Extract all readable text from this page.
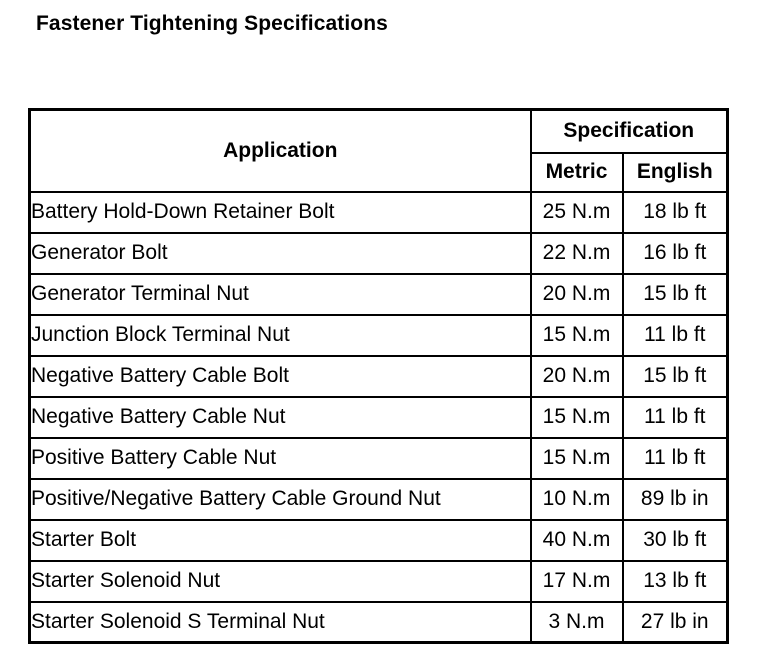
Fastener Tightening Specifications
Application	Specification	
	Metric	English
Battery Hold-Down Retainer Bolt	25 N.m	18 lb ft
Generator Bolt	22 N.m	16 lb ft
Generator Terminal Nut	20 N.m	15 lb ft
Junction Block Terminal Nut	15 N.m	11 lb ft
Negative Battery Cable Bolt	20 N.m	15 lb ft
Negative Battery Cable Nut	15 N.m	11 lb ft
Positive Battery Cable Nut	15 N.m	11 lb ft
Positive/Negative Battery Cable Ground Nut	10 N.m	89 lb in
Starter Bolt	40 N.m	30 lb ft
Starter Solenoid Nut	17 N.m	13 lb ft
Starter Solenoid S Terminal Nut	3 N.m	27 lb in
